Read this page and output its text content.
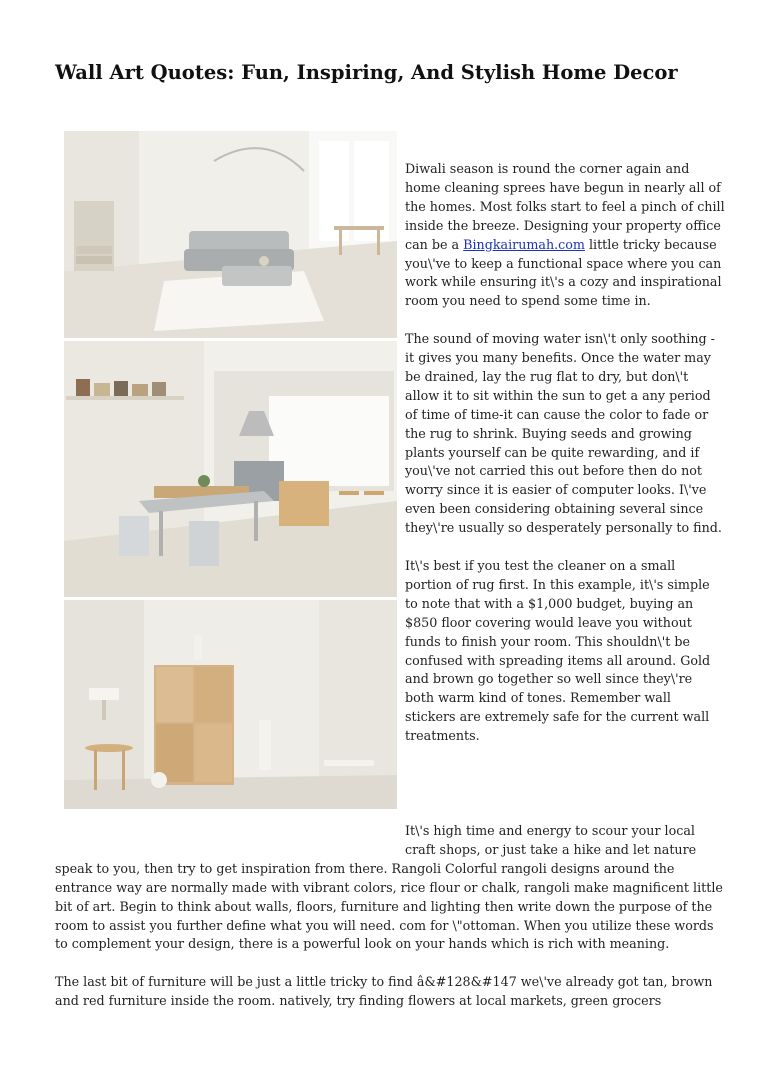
Wall Art Quotes: Fun, Inspiring, And Stylish Home Decor

Diwali season is round the corner again and home cleaning sprees have begun in nearly all of the homes. Most folks start to feel a pinch of chill inside the breeze. Designing your property office can be a Bingkairumah.com little tricky because you\'ve to keep a functional space where you can work while ensuring it\'s a cozy and inspirational room you need to spend some time in.

The sound of moving water isn\'t only soothing - it gives you many benefits. Once the water may be drained, lay the rug flat to dry, but don\'t allow it to sit within the sun to get a any period of time of time-it can cause the color to fade or the rug to shrink. Buying seeds and growing plants yourself can be quite rewarding, and if you\'ve not carried this out before then do not worry since it is easier of computer looks. I\'ve even been considering obtaining several since they\'re usually so desperately personally to find.

It\'s best if you test the cleaner on a small portion of rug first. In this example, it\'s simple to note that with a $1,000 budget, buying an $850 floor covering would leave you without funds to finish your room. This shouldn\'t be confused with spreading items all around. Gold and brown go together so well since they\'re both warm kind of tones. Remember wall stickers are extremely safe for the current wall treatments.

It\'s high time and energy to scour your local
craft shops, or just take a hike and let nature
speak to you, then try to get inspiration from there. Rangoli Colorful rangoli designs around the entrance way are normally made with vibrant colors, rice flour or chalk, rangoli make magnificent little bit of art. Begin to think about walls, floors, furniture and lighting then write down the purpose of the room to assist you further define what you will need. com for \"ottoman. When you utilize these words to complement your design, there is a powerful look on your hands which is rich with meaning.

The last bit of furniture will be just a little tricky to find â&#128&#147 we\'ve already got tan, brown and red furniture inside the room. natively, try finding flowers at local markets, green grocers
